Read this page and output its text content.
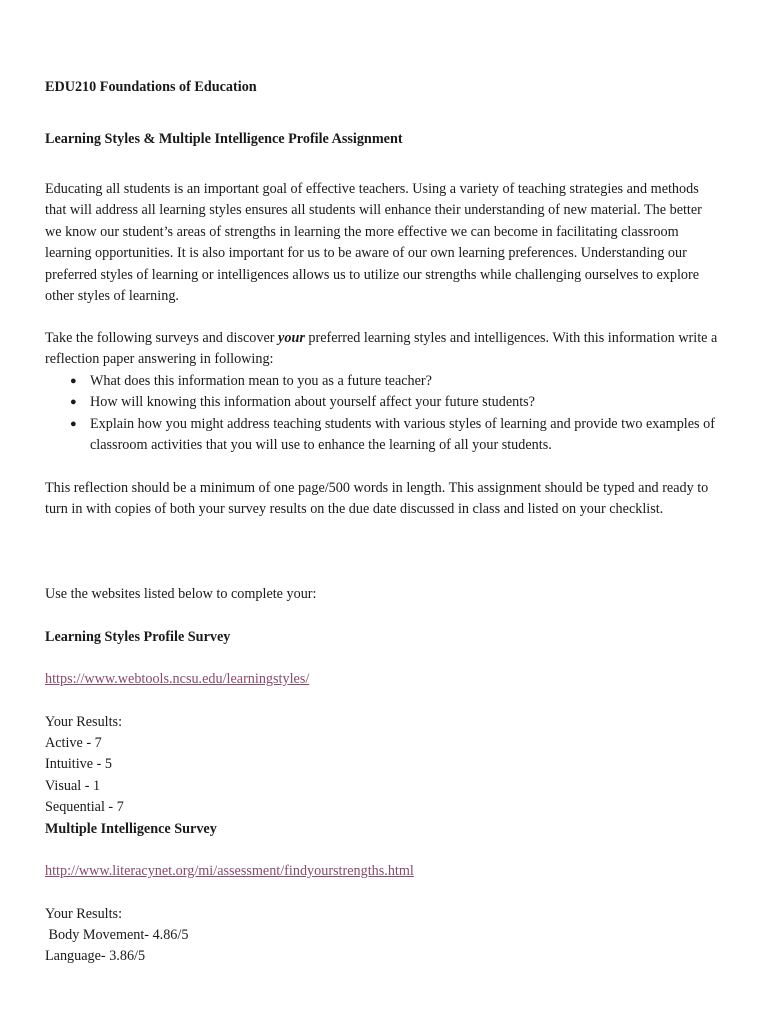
EDU210 Foundations of Education
Learning Styles & Multiple Intelligence Profile Assignment
Educating all students is an important goal of effective teachers. Using a variety of teaching strategies and methods that will address all learning styles ensures all students will enhance their understanding of new material. The better we know our student’s areas of strengths in learning the more effective we can become in facilitating classroom learning opportunities. It is also important for us to be aware of our own learning preferences. Understanding our preferred styles of learning or intelligences allows us to utilize our strengths while challenging ourselves to explore other styles of learning.
Take the following surveys and discover your preferred learning styles and intelligences. With this information write a reflection paper answering in following:
● What does this information mean to you as a future teacher?
● How will knowing this information about yourself affect your future students?
● Explain how you might address teaching students with various styles of learning and provide two examples of classroom activities that you will use to enhance the learning of all your students.
This reflection should be a minimum of one page/500 words in length. This assignment should be typed and ready to turn in with copies of both your survey results on the due date discussed in class and listed on your checklist.
Use the websites listed below to complete your:
Learning Styles Profile Survey
https://www.webtools.ncsu.edu/learningstyles/
Your Results:
Active - 7
Intuitive - 5
Visual - 1
Sequential - 7
Multiple Intelligence Survey
http://www.literacynet.org/mi/assessment/findyourstrengths.html
Your Results:
Body Movement- 4.86/5
Language- 3.86/5
